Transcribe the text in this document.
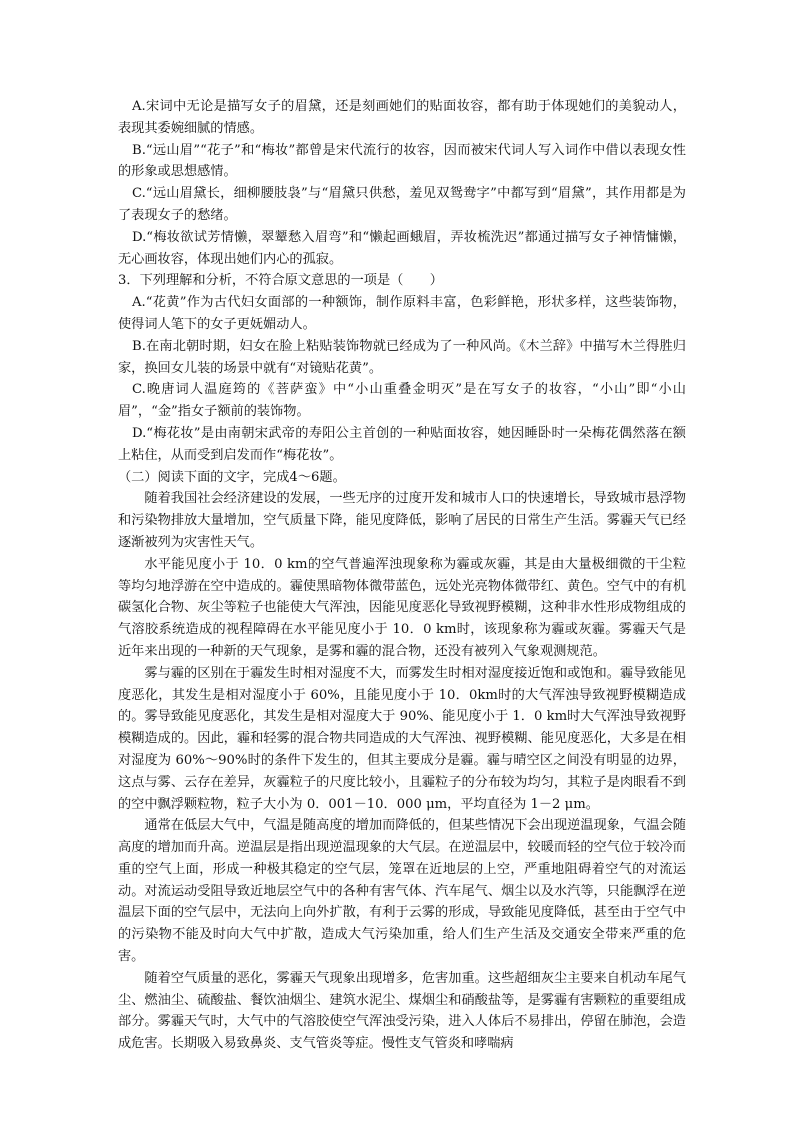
A.宋词中无论是描写女子的眉黛，还是刻画她们的贴面妆容，都有助于体现她们的美貌动人，表现其委婉细腻的情感。

B.“远山眉”“花子”和“梅妆”都曾是宋代流行的妆容，因而被宋代词人写入词作中借以表现女性的形象或思想感情。

C.“远山眉黛长，细柳腰肢袅”与“眉黛只供愁，羞见双鸳鸯字”中都写到“眉黛”，其作用都是为了表现女子的愁绪。

D.“梅妆欲试芳情懒，翠颦愁入眉弯”和“懒起画蛾眉，弄妆梳洗迟”都通过描写女子神情慵懒，无心画妆容，体现出她们内心的孤寂。

3．下列理解和分析，不符合原文意思的一项是（　　）

A.“花黄”作为古代妇女面部的一种额饰，制作原料丰富，色彩鲜艳，形状多样，这些装饰物，使得词人笔下的女子更妩媚动人。

B.在南北朝时期，妇女在脸上粘贴装饰物就已经成为了一种风尚。《木兰辞》中描写木兰得胜归家，换回女儿装的场景中就有“对镜贴花黄”。

C.晚唐词人温庭筠的《菩萨蛮》中“小山重叠金明灭”是在写女子的妆容，“小山”即“小山眉”，“金”指女子额前的装饰物。

D.“梅花妆”是由南朝宋武帝的寿阳公主首创的一种贴面妆容，她因睡卧时一朵梅花偶然落在额上粘住，从而受到启发而作“梅花妆”。

（二）阅读下面的文字，完成4～6题。

随着我国社会经济建设的发展，一些无序的过度开发和城市人口的快速增长，导致城市悬浮物和污染物排放大量增加，空气质量下降，能见度降低，影响了居民的日常生产生活。雾霾天气已经逐渐被列为灾害性天气。

水平能见度小于 10．0 km的空气普遍浑浊现象称为霾或灰霾，其是由大量极细微的干尘粒等均匀地浮游在空中造成的。霾使黑暗物体微带蓝色，远处光亮物体微带红、黄色。空气中的有机碳氢化合物、灰尘等粒子也能使大气浑浊，因能见度恶化导致视野模糊，这种非水性形成物组成的气溶胶系统造成的视程障碍在水平能见度小于 10．0 km时，该现象称为霾或灰霾。雾霾天气是近年来出现的一种新的天气现象，是雾和霾的混合物，还没有被列入气象观测规范。

雾与霾的区别在于霾发生时相对湿度不大，而雾发生时相对湿度接近饱和或饱和。霾导致能见度恶化，其发生是相对湿度小于 60%，且能见度小于 10．0km时的大气浑浊导致视野模糊造成的。雾导致能见度恶化，其发生是相对湿度大于 90%、能见度小于 1．0 km时大气浑浊导致视野模糊造成的。因此，霾和轻雾的混合物共同造成的大气浑浊、视野模糊、能见度恶化，大多是在相对湿度为 60%～90%时的条件下发生的，但其主要成分是霾。霾与晴空区之间没有明显的边界，这点与雾、云存在差异，灰霾粒子的尺度比较小，且霾粒子的分布较为均匀，其粒子是肉眼看不到的空中飘浮颗粒物，粒子大小为 0．001－10．000 μm，平均直径为 1－2 μm。

通常在低层大气中，气温是随高度的增加而降低的，但某些情况下会出现逆温现象，气温会随高度的增加而升高。逆温层是指出现逆温现象的大气层。在逆温层中，较暖而轻的空气位于较冷而重的空气上面，形成一种极其稳定的空气层，笼罩在近地层的上空，严重地阻碍着空气的对流运动。对流运动受阻导致近地层空气中的各种有害气体、汽车尾气、烟尘以及水汽等，只能飘浮在逆温层下面的空气层中，无法向上向外扩散，有利于云雾的形成，导致能见度降低，甚至由于空气中的污染物不能及时向大气中扩散，造成大气污染加重，给人们生产生活及交通安全带来严重的危害。

随着空气质量的恶化，雾霾天气现象出现增多，危害加重。这些超细灰尘主要来自机动车尾气尘、燃油尘、硫酸盐、餐饮油烟尘、建筑水泥尘、煤烟尘和硝酸盐等，是雾霾有害颗粒的重要组成部分。雾霾天气时，大气中的气溶胶使空气浑浊受污染，进入人体后不易排出，停留在肺泡，会造成危害。长期吸入易致鼻炎、支气管炎等症。慢性支气管炎和哮喘病
